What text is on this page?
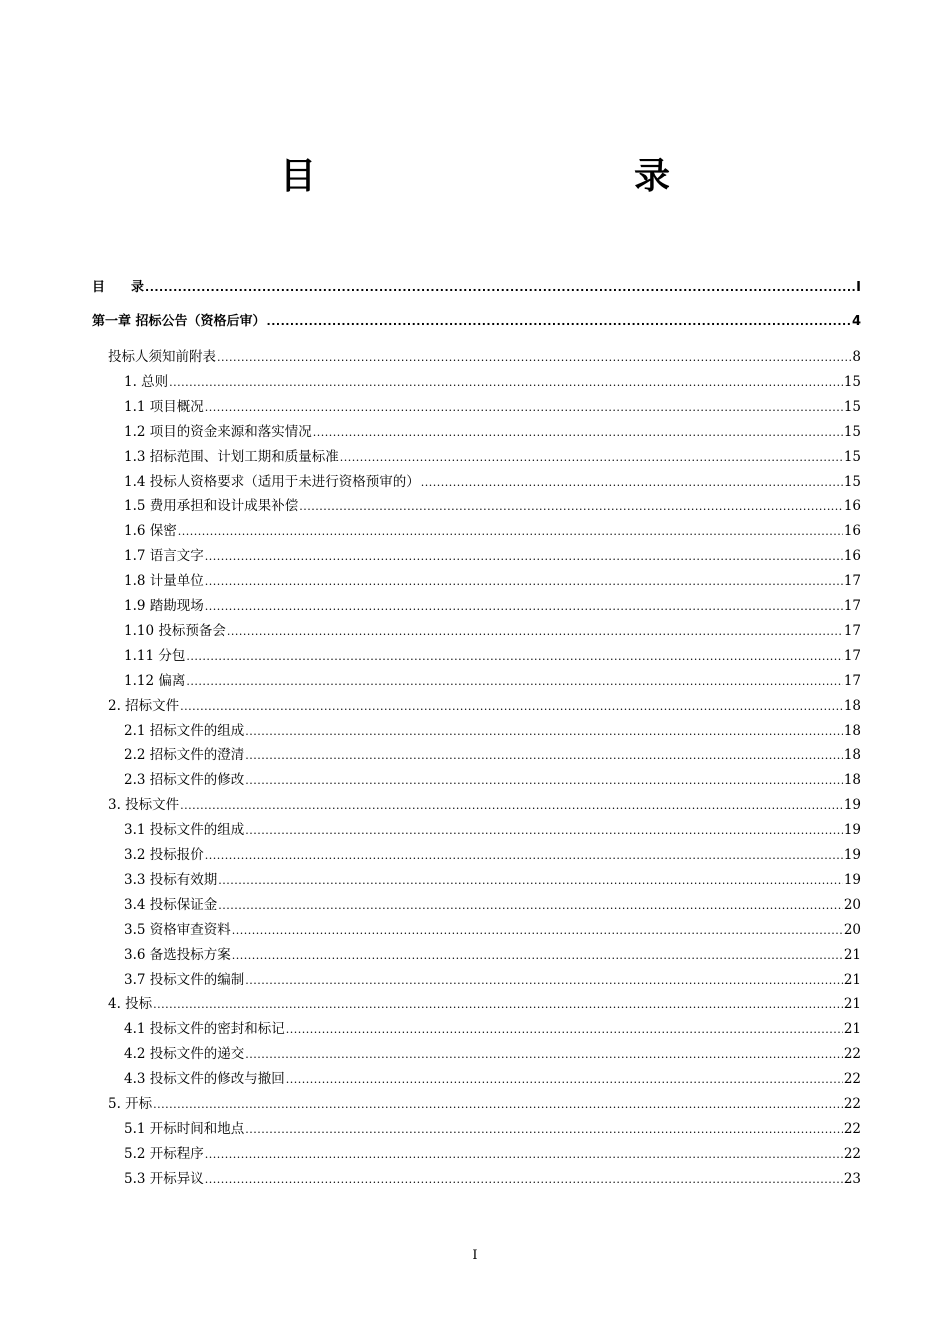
目　　录
目　　录 .....	I
第一章 招标公告（资格后审） .....	4
投标人须知前附表 .....	8
1. 总则 .....	15
1.1 项目概况 .....	15
1.2 项目的资金来源和落实情况 .....	15
1.3 招标范围、计划工期和质量标准 .....	15
1.4 投标人资格要求（适用于未进行资格预审的） .....	15
1.5 费用承担和设计成果补偿 .....	16
1.6 保密 .....	16
1.7 语言文字 .....	16
1.8 计量单位 .....	17
1.9 踏勘现场 .....	17
1.10 投标预备会 .....	17
1.11 分包 .....	17
1.12 偏离 .....	17
2. 招标文件 .....	18
2.1 招标文件的组成 .....	18
2.2 招标文件的澄清 .....	18
2.3 招标文件的修改 .....	18
3. 投标文件 .....	19
3.1 投标文件的组成 .....	19
3.2 投标报价 .....	19
3.3 投标有效期 .....	19
3.4 投标保证金 .....	20
3.5 资格审查资料 .....	20
3.6 备选投标方案 .....	21
3.7 投标文件的编制 .....	21
4. 投标 .....	21
4.1 投标文件的密封和标记 .....	21
4.2 投标文件的递交 .....	22
4.3 投标文件的修改与撤回 .....	22
5. 开标 .....	22
5.1 开标时间和地点 .....	22
5.2 开标程序 .....	22
5.3 开标异议 .....	23
I
